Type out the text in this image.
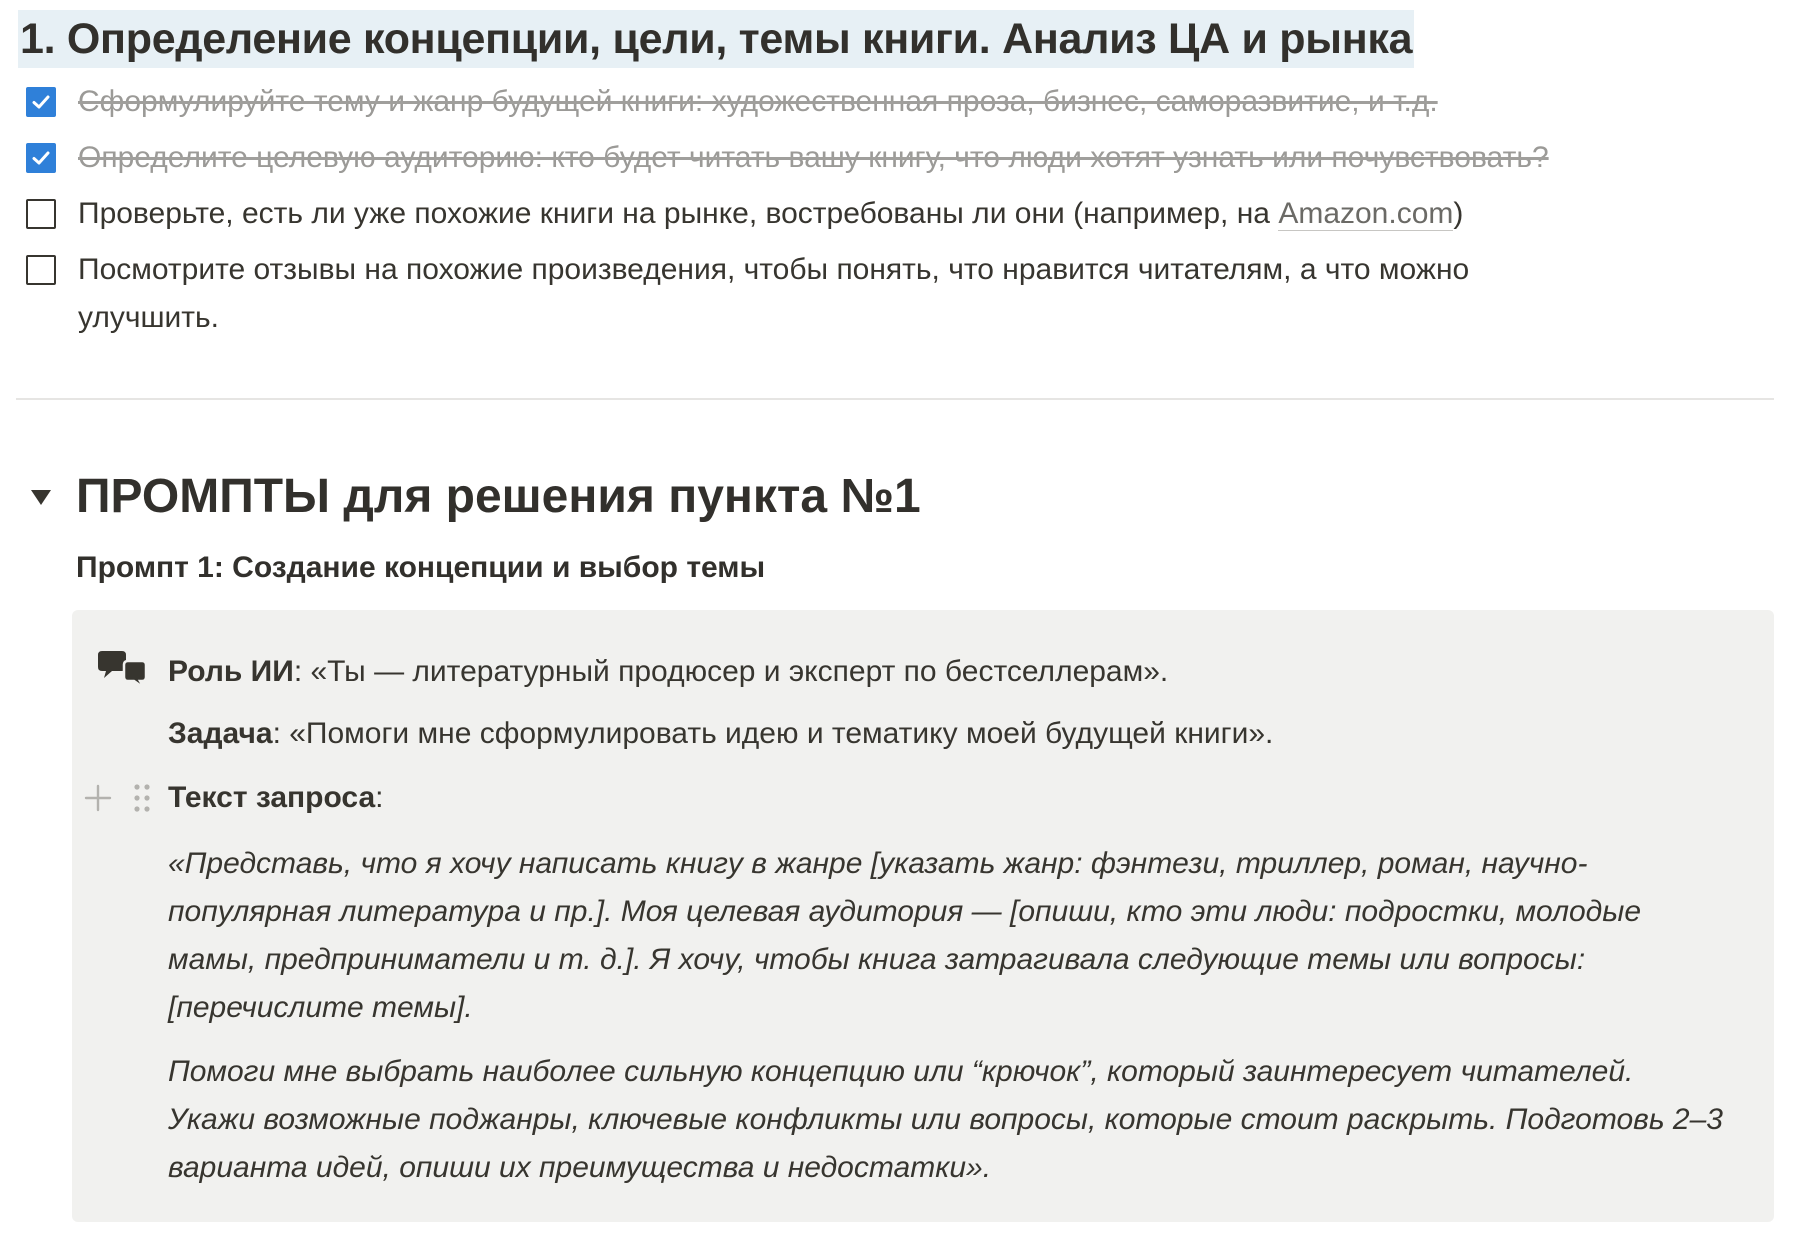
1. Определение концепции, цели, темы книги. Анализ ЦА и рынка
Сформулируйте тему и жанр будущей книги: художественная проза, бизнес, саморазвитие, и т.д.
Определите целевую аудиторию: кто будет читать вашу книгу, что люди хотят узнать или почувствовать?
Проверьте, есть ли уже похожие книги на рынке, востребованы ли они (например, на Amazon.com)
Посмотрите отзывы на похожие произведения, чтобы понять, что нравится читателям, а что можно улучшить.
ПРОМПТЫ для решения пункта №1
Промпт 1: Создание концепции и выбор темы
Роль ИИ: «Ты — литературный продюсер и эксперт по бестселлерам».
Задача: «Помоги мне сформулировать идею и тематику моей будущей книги».
Текст запроса:
«Представь, что я хочу написать книгу в жанре [указать жанр: фэнтези, триллер, роман, научно-популярная литература и пр.]. Моя целевая аудитория — [опиши, кто эти люди: подростки, молодые мамы, предприниматели и т. д.]. Я хочу, чтобы книга затрагивала следующие темы или вопросы: [перечислите темы].
Помоги мне выбрать наиболее сильную концепцию или “крючок”, который заинтересует читателей. Укажи возможные поджанры, ключевые конфликты или вопросы, которые стоит раскрыть. Подготовь 2–3 варианта идей, опиши их преимущества и недостатки».
